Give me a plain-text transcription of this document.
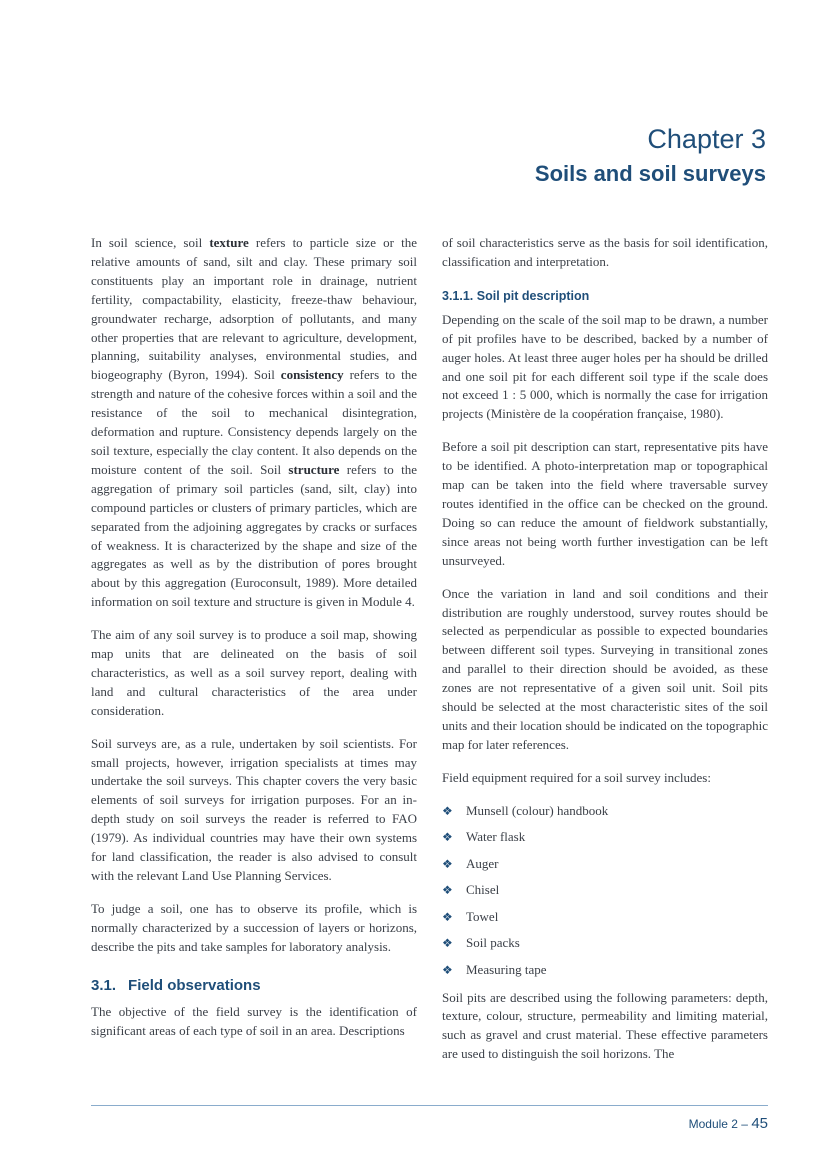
Chapter 3
Soils and soil surveys

In soil science, soil texture refers to particle size or the relative amounts of sand, silt and clay. These primary soil constituents play an important role in drainage, nutrient fertility, compactability, elasticity, freeze-thaw behaviour, groundwater recharge, adsorption of pollutants, and many other properties that are relevant to agriculture, development, planning, suitability analyses, environmental studies, and biogeography (Byron, 1994). Soil consistency refers to the strength and nature of the cohesive forces within a soil and the resistance of the soil to mechanical disintegration, deformation and rupture. Consistency depends largely on the soil texture, especially the clay content. It also depends on the moisture content of the soil. Soil structure refers to the aggregation of primary soil particles (sand, silt, clay) into compound particles or clusters of primary particles, which are separated from the adjoining aggregates by cracks or surfaces of weakness. It is characterized by the shape and size of the aggregates as well as by the distribution of pores brought about by this aggregation (Euroconsult, 1989). More detailed information on soil texture and structure is given in Module 4.

The aim of any soil survey is to produce a soil map, showing map units that are delineated on the basis of soil characteristics, as well as a soil survey report, dealing with land and cultural characteristics of the area under consideration.

Soil surveys are, as a rule, undertaken by soil scientists. For small projects, however, irrigation specialists at times may undertake the soil surveys. This chapter covers the very basic elements of soil surveys for irrigation purposes. For an in-depth study on soil surveys the reader is referred to FAO (1979). As individual countries may have their own systems for land classification, the reader is also advised to consult with the relevant Land Use Planning Services.

To judge a soil, one has to observe its profile, which is normally characterized by a succession of layers or horizons, describe the pits and take samples for laboratory analysis.

3.1. Field observations

The objective of the field survey is the identification of significant areas of each type of soil in an area. Descriptions

of soil characteristics serve as the basis for soil identification, classification and interpretation.

3.1.1. Soil pit description

Depending on the scale of the soil map to be drawn, a number of pit profiles have to be described, backed by a number of auger holes. At least three auger holes per ha should be drilled and one soil pit for each different soil type if the scale does not exceed 1 : 5 000, which is normally the case for irrigation projects (Ministère de la coopération française, 1980).

Before a soil pit description can start, representative pits have to be identified. A photo-interpretation map or topographical map can be taken into the field where traversable survey routes identified in the office can be checked on the ground. Doing so can reduce the amount of fieldwork substantially, since areas not being worth further investigation can be left unsurveyed.

Once the variation in land and soil conditions and their distribution are roughly understood, survey routes should be selected as perpendicular as possible to expected boundaries between different soil types. Surveying in transitional zones and parallel to their direction should be avoided, as these zones are not representative of a given soil unit. Soil pits should be selected at the most characteristic sites of the soil units and their location should be indicated on the topographic map for later references.

Field equipment required for a soil survey includes:

❖	Munsell (colour) handbook
❖	Water flask
❖	Auger
❖	Chisel
❖	Towel
❖	Soil packs
❖	Measuring tape

Soil pits are described using the following parameters: depth, texture, colour, structure, permeability and limiting material, such as gravel and crust material. These effective parameters are used to distinguish the soil horizons. The

Module 2 – 45
